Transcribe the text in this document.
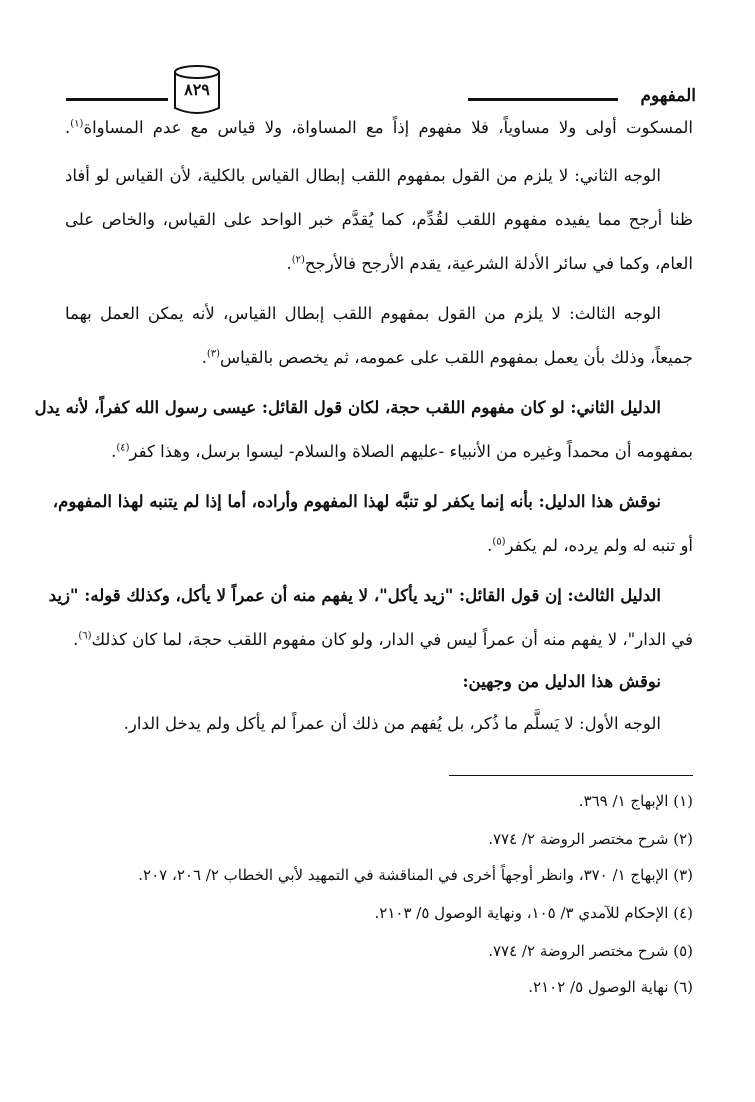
المفهوم
٨٢٩
المسكوت أولى ولا مساوياً، فلا مفهوم إذاً مع المساواة، ولا قياس مع عدم المساواة$^{(١)}$.
الوجه الثاني: لا يلزم من القول بمفهوم اللقب إبطال القياس بالكلية، لأن القياس لو أفاد
ظنا أرجح مما يفيده مفهوم اللقب لقُدِّم، كما يُقدَّم خبر الواحد على القياس، والخاص على
العام، وكما في سائر الأدلة الشرعية، يقدم الأرجح فالأرجح$^{(٢)}$.
الوجه الثالث: لا يلزم من القول بمفهوم اللقب إبطال القياس، لأنه يمكن العمل بهما
جميعاً، وذلك بأن يعمل بمفهوم اللقب على عمومه، ثم يخصص بالقياس$^{(٣)}$.
الدليل الثاني: لو كان مفهوم اللقب حجة، لكان قول القائل: عيسى رسول الله كفراً، لأنه يدل
بمفهومه أن محمداً وغيره من الأنبياء -عليهم الصلاة والسلام- ليسوا برسل، وهذا كفر$^{(٤)}$.
نوقش هذا الدليل: بأنه إنما يكفر لو تنبَّه لهذا المفهوم وأراده، أما إذا لم يتنبه لهذا المفهوم،
أو تنبه له ولم يرده، لم يكفر$^{(٥)}$.
الدليل الثالث: إن قول القائل: "زيد يأكل"، لا يفهم منه أن عمراً لا يأكل، وكذلك قوله: "زيد
في الدار"، لا يفهم منه أن عمراً ليس في الدار، ولو كان مفهوم اللقب حجة، لما كان كذلك$^{(٦)}$.
نوقش هذا الدليل من وجهين:
الوجه الأول: لا يَسلَّم ما ذُكر، بل يُفهم من ذلك أن عمراً لم يأكل ولم يدخل الدار.
(١) الإبهاج ١/ ٣٦٩.
(٢) شرح مختصر الروضة ٢/ ٧٧٤.
(٣) الإبهاج ١/ ٣٧٠، وانظر أوجهاً أخرى في المناقشة في التمهيد لأبي الخطاب ٢/ ٢٠٦، ٢٠٧.
(٤) الإحكام للآمدي ٣/ ١٠٥، ونهاية الوصول ٥/ ٢١٠٣.
(٥) شرح مختصر الروضة ٢/ ٧٧٤.
(٦) نهاية الوصول ٥/ ٢١٠٢.
